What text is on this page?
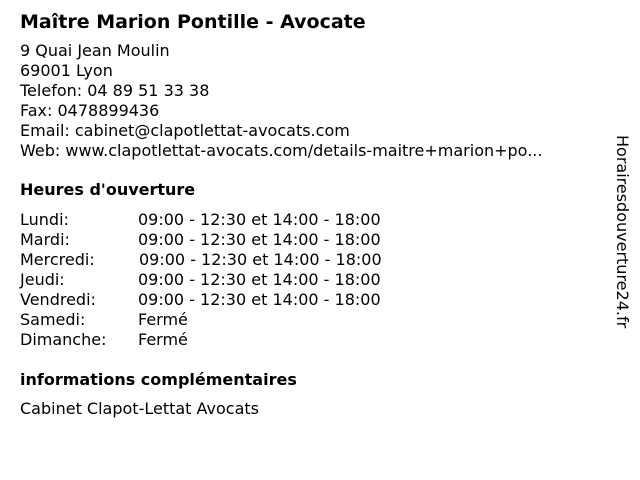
Maître Marion Pontille - Avocate
9 Quai Jean Moulin
69001 Lyon
Telefon: 04 89 51 33 38
Fax: 0478899436
Email: cabinet@clapotlettat-avocats.com
Web: www.clapotlettat-avocats.com/details-maitre+marion+po...
Heures d'ouverture
Lundi:	09:00 - 12:30 et 14:00 - 18:00
Mardi:	09:00 - 12:30 et 14:00 - 18:00
Mercredi:	09:00 - 12:30 et 14:00 - 18:00
Jeudi:	09:00 - 12:30 et 14:00 - 18:00
Vendredi:	09:00 - 12:30 et 14:00 - 18:00
Samedi:	Fermé
Dimanche:	Fermé
informations complémentaires
Cabinet Clapot-Lettat Avocats
Horairesdouverture24.fr
